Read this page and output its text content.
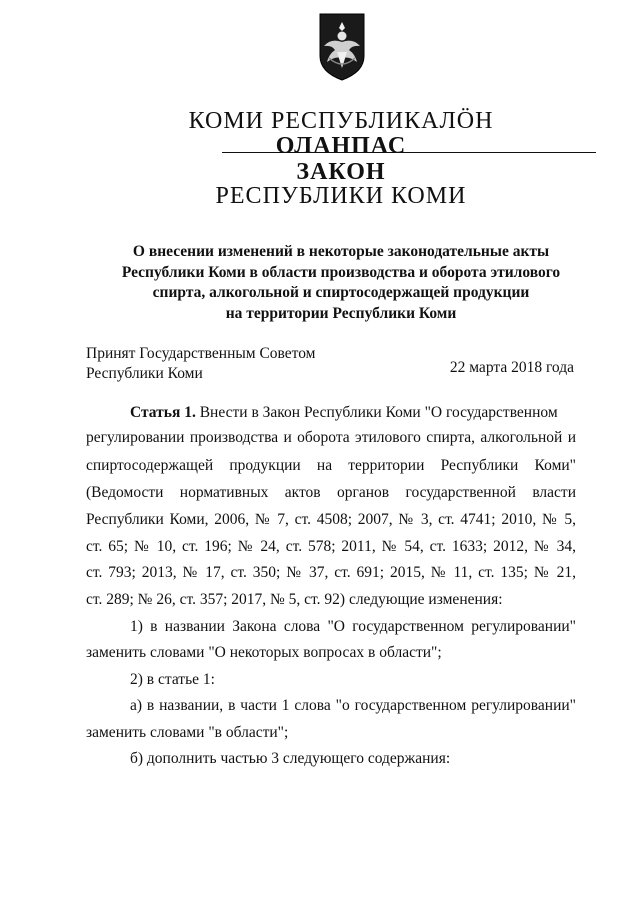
КОМИ РЕСПУБЛИКАЛÖН
ОЛАНПАС
ЗАКОН
РЕСПУБЛИКИ КОМИ
О внесении изменений в некоторые законодательные акты
Республики Коми в области производства и оборота этилового
спирта, алкогольной и спиртосодержащей продукции
на территории Республики Коми
Принят Государственным Советом
Республики Коми	22 марта 2018 года
Статья 1. Внести в Закон Республики Коми "О государственном
регулировании производства и оборота этилового спирта, алкогольной и
спиртосодержащей продукции на территории Республики Коми"
(Ведомости нормативных актов органов государственной власти
Республики Коми, 2006, № 7, ст. 4508; 2007, № 3, ст. 4741; 2010, № 5,
ст. 65; № 10, ст. 196; № 24, ст. 578; 2011, № 54, ст. 1633; 2012, № 34,
ст. 793; 2013, № 17, ст. 350; № 37, ст. 691; 2015, № 11, ст. 135; № 21,
ст. 289; № 26, ст. 357; 2017, № 5, ст. 92) следующие изменения:
1) в названии Закона слова "О государственном регулировании"
заменить словами "О некоторых вопросах в области";
2) в статье 1:
а) в названии, в части 1 слова "о государственном регулировании"
заменить словами "в области";
б) дополнить частью 3 следующего содержания:
